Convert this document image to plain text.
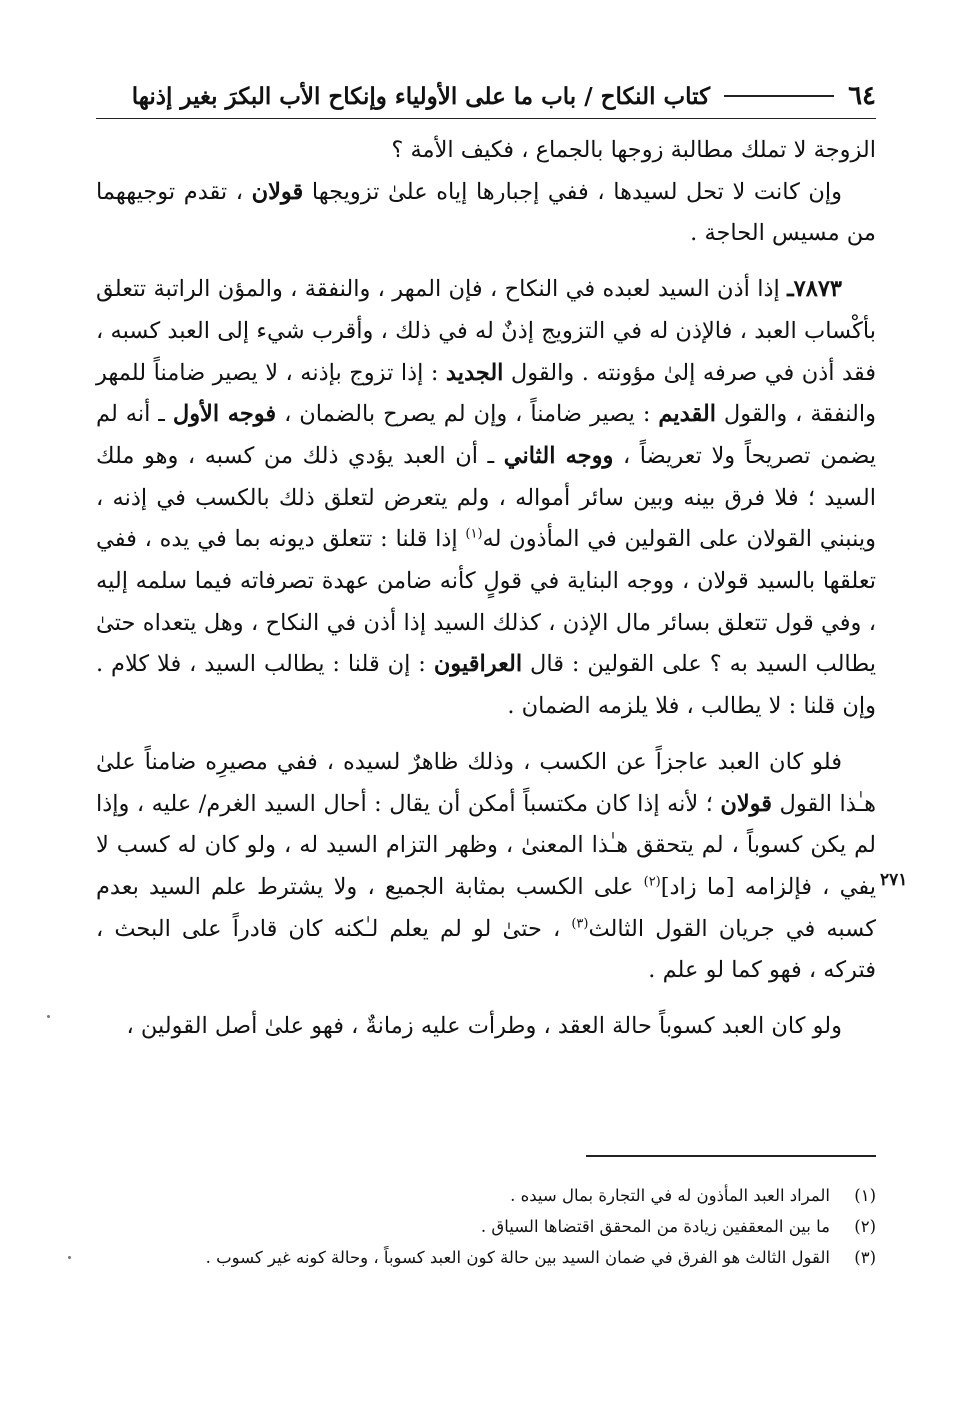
٦٤
كتاب النكاح / باب ما على الأولياء وإنكاح الأب البكرَ بغير إذنها

الزوجة لا تملك مطالبة زوجها بالجماع ، فكيف الأمة ؟

وإن كانت لا تحل لسيدها ، ففي إجبارها إياه علىٰ تزويجها قولان ، تقدم توجيههما من مسيس الحاجة .

٧٨٧٣ـ إذا أذن السيد لعبده في النكاح ، فإن المهر ، والنفقة ، والمؤن الراتبة تتعلق بأكْساب العبد ، فالإذن له في التزويج إذنٌ له في ذلك ، وأقرب شيء إلى العبد كسبه ، فقد أذن في صرفه إلىٰ مؤونته . والقول الجديد : إذا تزوج بإذنه ، لا يصير ضامناً للمهر والنفقة ، والقول القديم : يصير ضامناً ، وإن لم يصرح بالضمان ، فوجه الأول ـ أنه لم يضمن تصريحاً ولا تعريضاً ، ووجه الثاني ـ أن العبد يؤدي ذلك من كسبه ، وهو ملك السيد ؛ فلا فرق بينه وبين سائر أمواله ، ولم يتعرض لتعلق ذلك بالكسب في إذنه ، وينبني القولان على القولين في المأذون له$^{(١)}$ إذا قلنا : تتعلق ديونه بما في يده ، ففي تعلقها بالسيد قولان ، ووجه البناية في قولٍ كأنه ضامن عهدة تصرفاته فيما سلمه إليه ، وفي قول تتعلق بسائر مال الإذن ، كذلك السيد إذا أذن في النكاح ، وهل يتعداه حتىٰ يطالب السيد به ؟ على القولين : قال العراقيون : إن قلنا : يطالب السيد ، فلا كلام . وإن قلنا : لا يطالب ، فلا يلزمه الضمان .

فلو كان العبد عاجزاً عن الكسب ، وذلك ظاهرٌ لسيده ، ففي مصيرِه ضامناً علىٰ هـٰذا القول قولان ؛ لأنه إذا كان مكتسباً أمكن أن يقال : أحال السيد الغرم/ عليه ، وإذا لم يكن كسوباً ، لم يتحقق هـٰذا المعنىٰ ، وظهر التزام السيد له ، ولو كان له كسب لا يفي ، فإلزامه [ما زاد]$^{(٢)}$ على الكسب بمثابة الجميع ، ولا يشترط علم السيد بعدم كسبه في جريان القول الثالث$^{(٣)}$ ، حتىٰ لو لم يعلم لـٰكنه كان قادراً على البحث ، فتركه ، فهو كما لو علم .

ولو كان العبد كسوباً حالة العقد ، وطرأت عليه زمانةٌ ، فهو علىٰ أصل القولين ،

٢٧١

(١)
المراد العبد المأذون له في التجارة بمال سيده .

(٢)
ما بين المعقفين زيادة من المحقق اقتضاها السياق .

(٣)
القول الثالث هو الفرق في ضمان السيد بين حالة كون العبد كسوباً ، وحالة كونه غير كسوب .
